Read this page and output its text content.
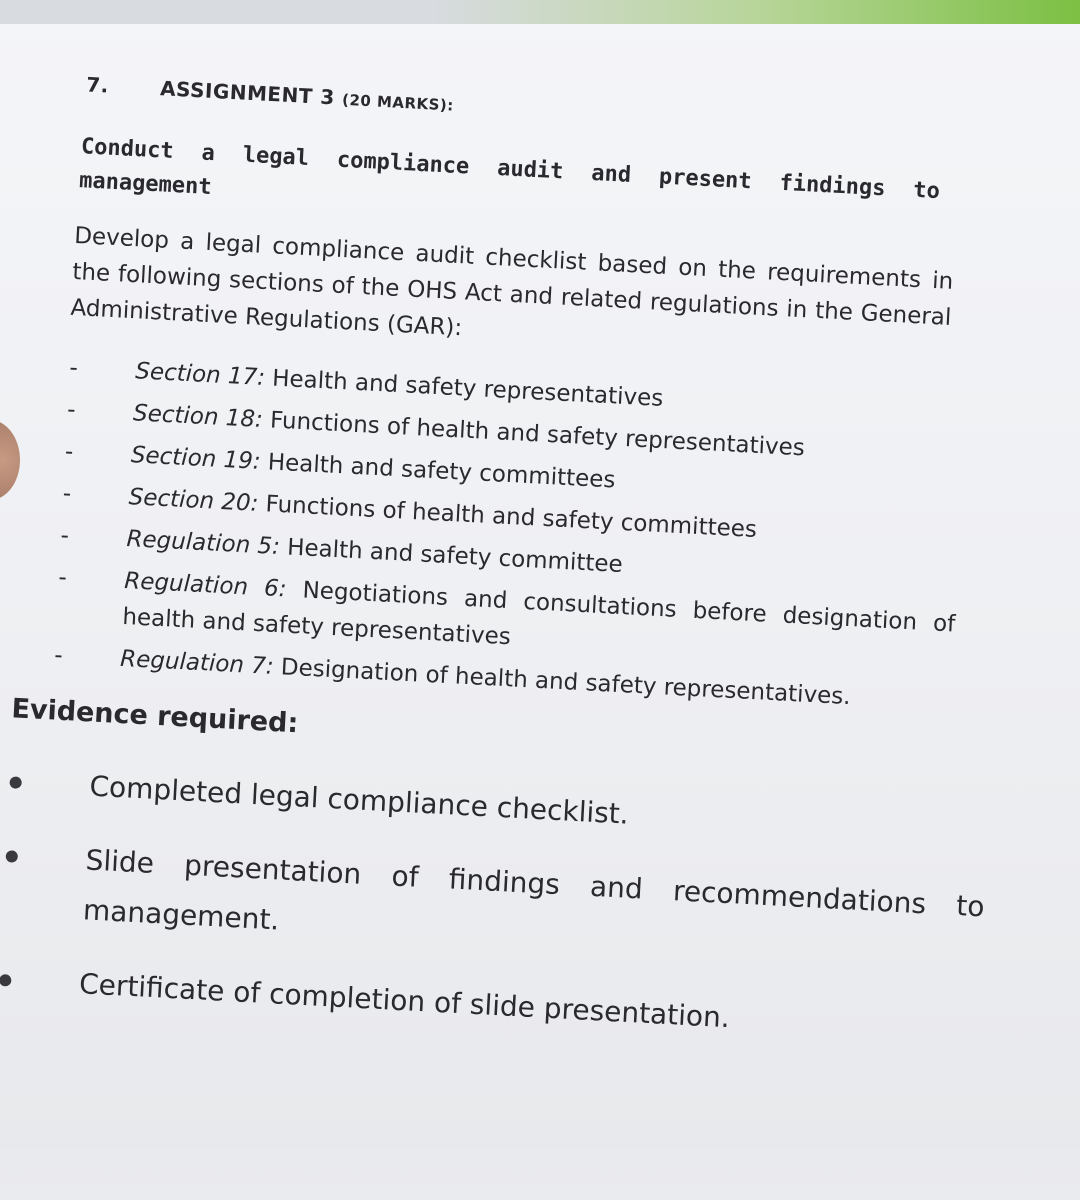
7.	ASSIGNMENT 3 (20 MARKS):
Conduct a legal compliance audit and present findings to management
Develop a legal compliance audit checklist based on the requirements in the following sections of the OHS Act and related regulations in the General Administrative Regulations (GAR):
- Section 17: Health and safety representatives
- Section 18: Functions of health and safety representatives
- Section 19: Health and safety committees
- Section 20: Functions of health and safety committees
- Regulation 5: Health and safety committee
- Regulation 6: Negotiations and consultations before designation of health and safety representatives
- Regulation 7: Designation of health and safety representatives.
Evidence required:
Completed legal compliance checklist.
Slide presentation of findings and recommendations to management.
Certificate of completion of slide presentation.
